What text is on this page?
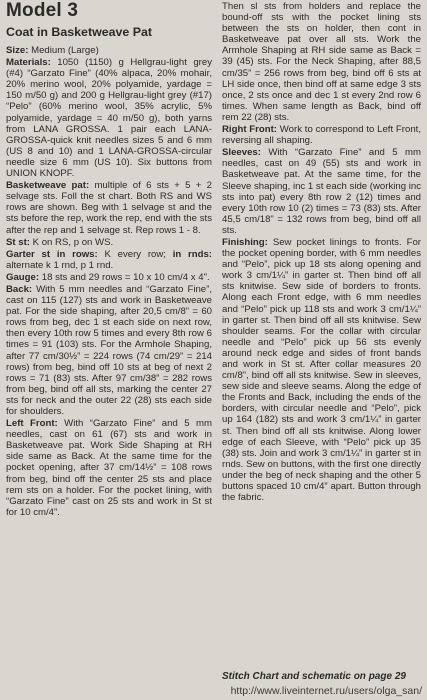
Model 3
Coat in Basketweave Pat

Size: Medium (Large)

Materials: 1050 (1150) g Hellgrau-light grey (#4) “Garzato Fine” (40% alpaca, 20% mohair, 20% merino wool, 20% polyamide, yardage = 150 m/50 g) and 200 g Hellgrau-light grey (#17) “Pelo” (60% merino wool, 35% acrylic, 5% polyamide, yardage = 40 m/50 g), both yarns from LANA GROSSA. 1 pair each LANA-GROSSA-quick knit needles sizes 5 and 6 mm (US 8 and 10) and 1 LANA-GROSSA-circular needle size 6 mm (US 10). Six buttons from UNION KNOPF.

Basketweave pat: multiple of 6 sts + 5 + 2 selvage sts. Foll the st chart. Both RS and WS rows are shown. Beg with 1 selvage st and the sts before the rep, work the rep, end with the sts after the rep and 1 selvage st. Rep rows 1 - 8.

St st: K on RS, p on WS.

Garter st in rows: K every row; in rnds: alternate k 1 rnd, p 1 rnd.

Gauge: 18 sts and 29 rows = 10 x 10 cm/4 x 4".

Back: With 5 mm needles and “Garzato Fine”, cast on 115 (127) sts and work in Basketweave pat. For the side shaping, after 20,5 cm/8” = 60 rows from beg, dec 1 st each side on next row, then every 10th row 5 times and every 8th row 6 times = 91 (103) sts. For the Armhole Shaping, after 77 cm/30½” = 224 rows (74 cm/29” = 214 rows) from beg, bind off 10 sts at beg of next 2 rows = 71 (83) sts. After 97 cm/38” = 282 rows from beg, bind off all sts, marking the center 27 sts for neck and the outer 22 (28) sts each side for shoulders.

Left Front: With “Garzato Fine” and 5 mm needles, cast on 61 (67) sts and work in Basketweave pat. Work Side Shaping at RH side same as Back. At the same time for the pocket opening, after 37 cm/14½” = 108 rows from beg, bind off the center 25 sts and place rem sts on a holder. For the pocket lining, with “Garzato Fine” cast on 25 sts and work in St st for 10 cm/4”.

Then sl sts from holders and replace the bound-off sts with the pocket lining sts between the sts on holder, then cont in Basketweave pat over all sts. Work the Armhole Shaping at RH side same as Back = 39 (45) sts. For the Neck Shaping, after 88,5 cm/35” = 256 rows from beg, bind off 6 sts at LH side once, then bind off at same edge 3 sts once, 2 sts once and dec 1 st every 2nd row 6 times. When same length as Back, bind off rem 22 (28) sts.

Right Front: Work to correspond to Left Front, reversing all shaping.

Sleeves: With “Garzato Fine” and 5 mm needles, cast on 49 (55) sts and work in Basketweave pat. At the same time, for the Sleeve shaping, inc 1 st each side (working inc sts into pat) every 8th row 2 (12) times and every 10th row 10 (2) times = 73 (83) sts. After 45,5 cm/18” = 132 rows from beg, bind off all sts.

Finishing: Sew pocket linings to fronts. For the pocket opening border, with 6 mm needles and “Pelo”, pick up 18 sts along opening and work 3 cm/1¼” in garter st. Then bind off all sts knitwise. Sew side of borders to fronts. Along each Front edge, with 6 mm needles and “Pelo” pick up 118 sts and work 3 cm/1¼” in garter st. Then bind off all sts knitwise. Sew shoulder seams. For the collar with circular needle and “Pelo” pick up 56 sts evenly around neck edge and sides of front bands and work in St st. After collar measures 20 cm/8”, bind off all sts knitwise. Sew in sleeves, sew side and sleeve seams. Along the edge of the Fronts and Back, including the ends of the borders, with circular needle and “Pelo”, pick up 164 (182) sts and work 3 cm/1¼” in garter st. Then bind off all sts knitwise. Along lower edge of each Sleeve, with “Pelo” pick up 35 (38) sts. Join and work 3 cm/1¼” in garter st in rnds. Sew on buttons, with the first one directly under the beg of neck shaping and the other 5 buttons spaced 10 cm/4” apart. Button through the fabric.

Stitch Chart and schematic on page 29
http://www.liveinternet.ru/users/olga_san/
